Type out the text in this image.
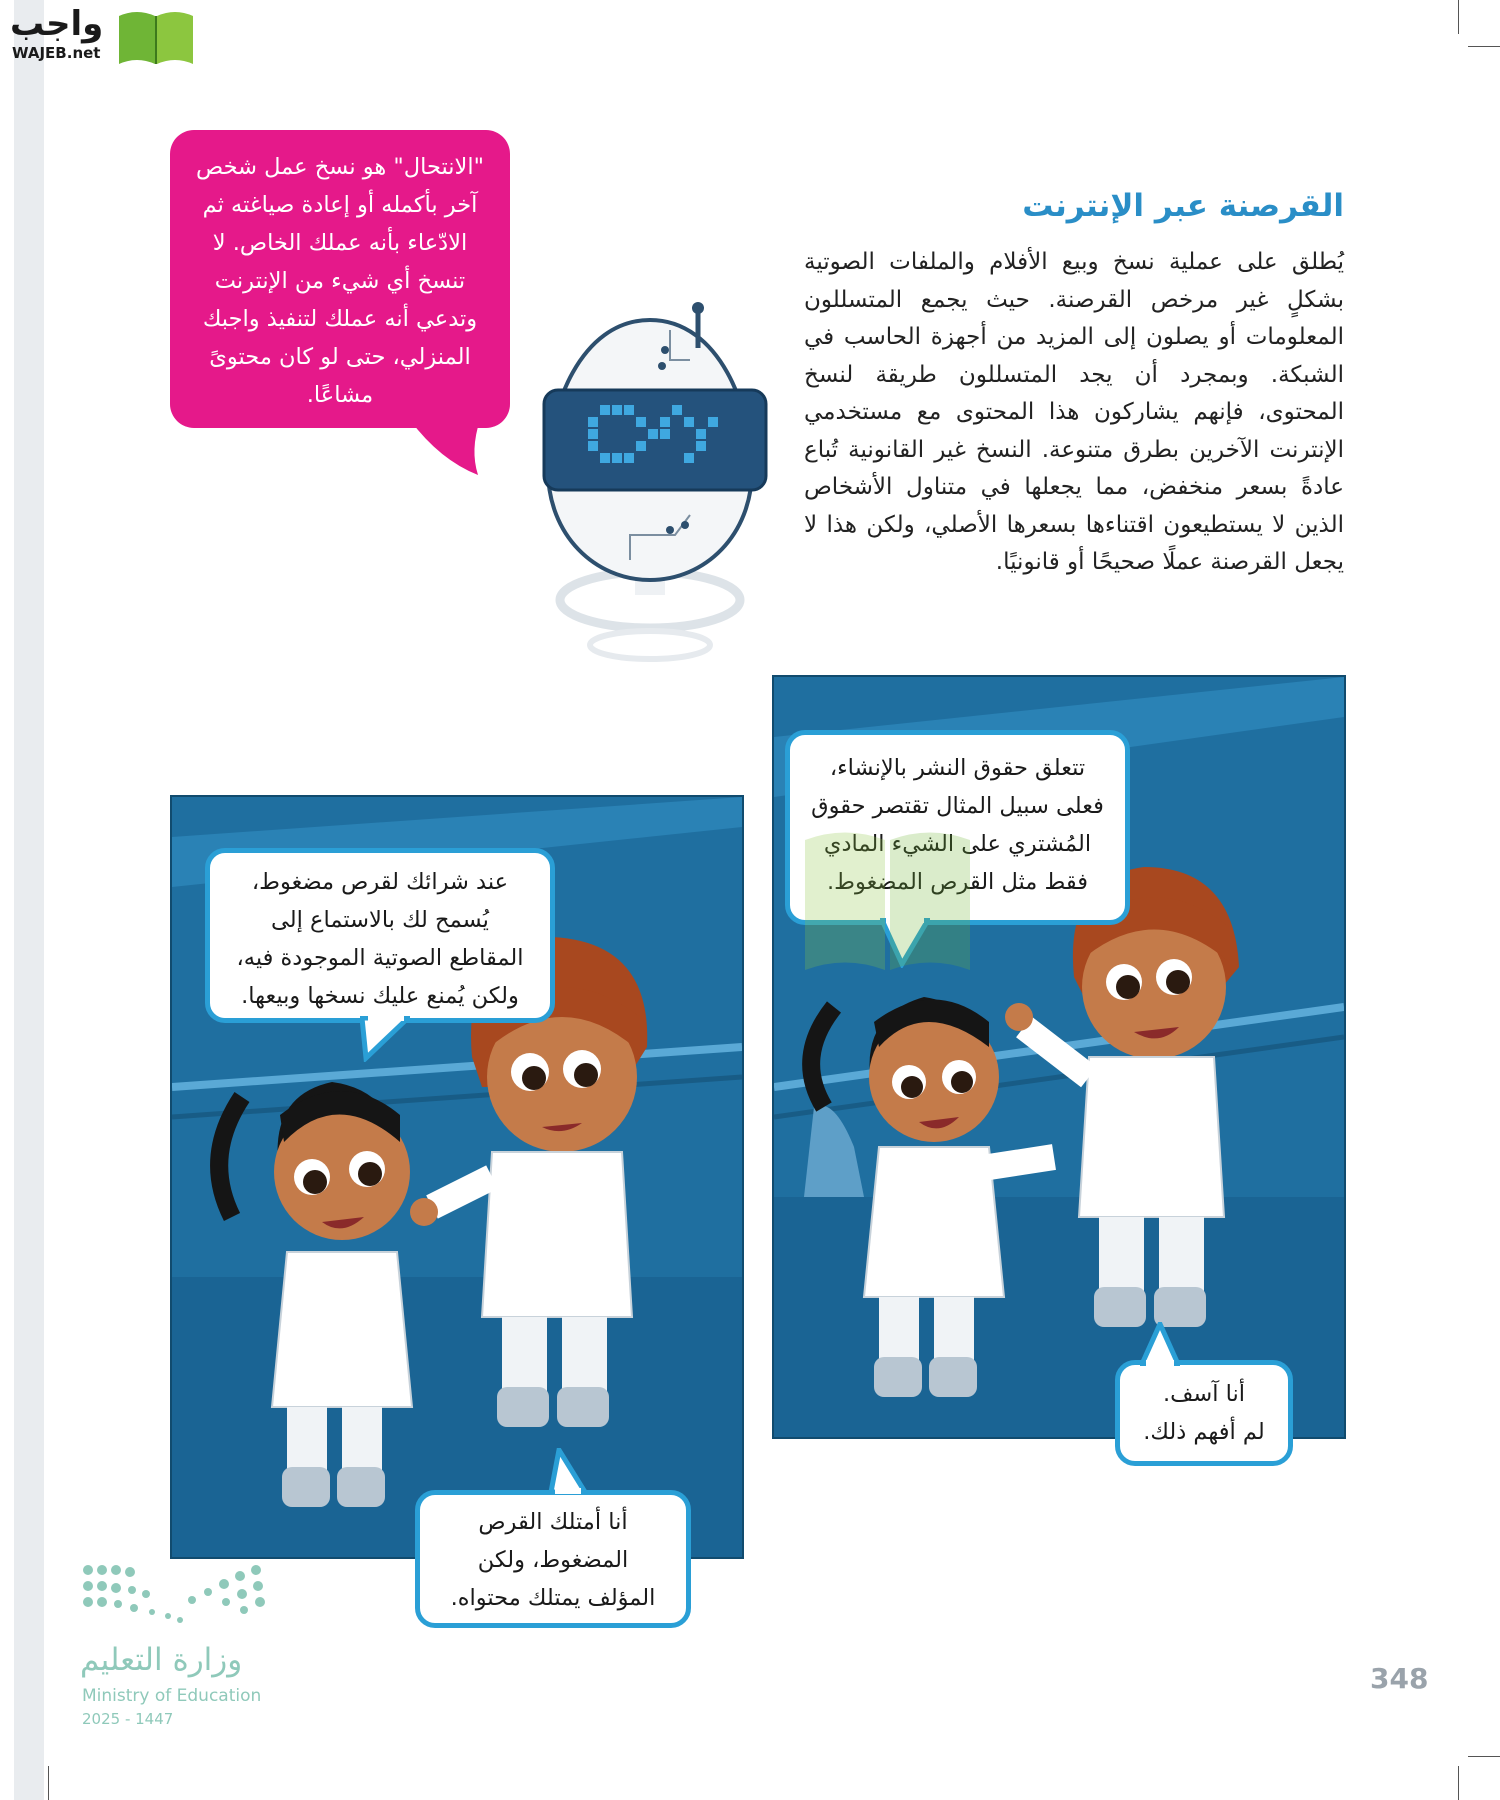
واجب
WAJEB.net
القرصنة عبر الإنترنت

يُطلق على عملية نسخ وبيع الأفلام والملفات الصوتية بشكلٍ غير مرخص القرصنة. حيث يجمع المتسللون المعلومات أو يصلون إلى المزيد من أجهزة الحاسب في الشبكة. وبمجرد أن يجد المتسللون طريقة لنسخ المحتوى، فإنهم يشاركون هذا المحتوى مع مستخدمي الإنترنت الآخرين بطرق متنوعة. النسخ غير القانونية تُباع عادةً بسعر منخفض، مما يجعلها في متناول الأشخاص الذين لا يستطيعون اقتناءها بسعرها الأصلي، ولكن هذا لا يجعل القرصنة عملًا صحيحًا أو قانونيًا.

"الانتحال" هو نسخ عمل شخص آخر بأكمله أو إعادة صياغته ثم الادّعاء بأنه عملك الخاص. لا تنسخ أي شيء من الإنترنت وتدعي أنه عملك لتنفيذ واجبك المنزلي، حتى لو كان محتوىً مشاعًا.
تتعلق حقوق النشر بالإنشاء،
فعلى سبيل المثال تقتصر حقوق
المُشتري على الشيء المادي
فقط مثل القرص المضغوط.
أنا آسف.
لم أفهم ذلك.
عند شرائك لقرص مضغوط،
يُسمح لك بالاستماع إلى
المقاطع الصوتية الموجودة فيه،
ولكن يُمنع عليك نسخها وبيعها.
أنا أمتلك القرص
المضغوط، ولكن
المؤلف يمتلك محتواه.
وزارة التعليم
Ministry of Education
2025 - 1447
348
